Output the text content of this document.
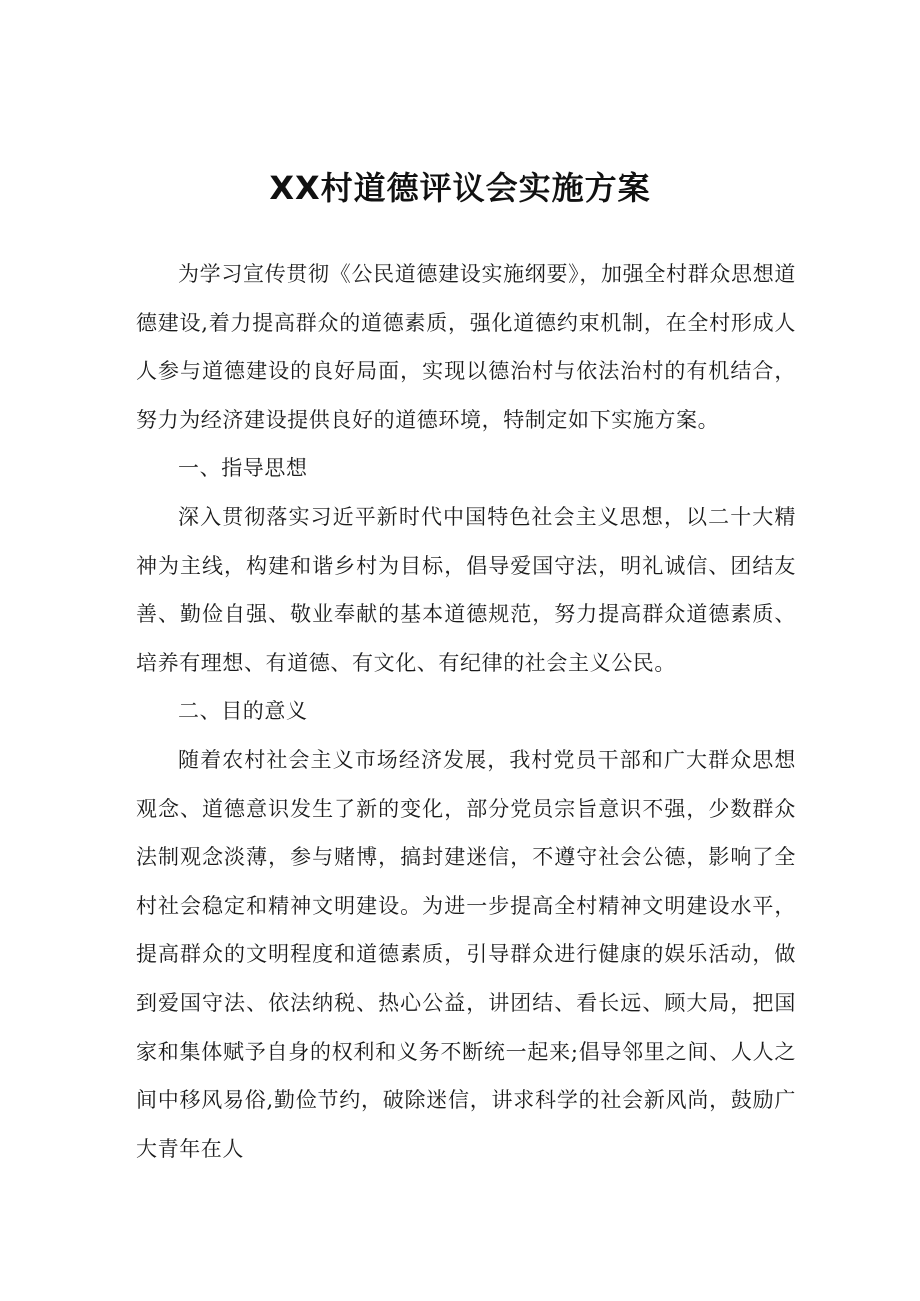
XX村道德评议会实施方案

为学习宣传贯彻《公民道德建设实施纲要》，加强全村群众思想道德建设,着力提高群众的道德素质，强化道德约束机制，在全村形成人人参与道德建设的良好局面，实现以德治村与依法治村的有机结合，努力为经济建设提供良好的道德环境，特制定如下实施方案。

一、指导思想

深入贯彻落实习近平新时代中国特色社会主义思想，以二十大精神为主线，构建和谐乡村为目标，倡导爱国守法，明礼诚信、团结友善、勤俭自强、敬业奉献的基本道德规范，努力提高群众道德素质、培养有理想、有道德、有文化、有纪律的社会主义公民。

二、目的意义

随着农村社会主义市场经济发展，我村党员干部和广大群众思想观念、道德意识发生了新的变化，部分党员宗旨意识不强，少数群众法制观念淡薄，参与赌博，搞封建迷信，不遵守社会公德，影响了全村社会稳定和精神文明建设。为进一步提高全村精神文明建设水平，提高群众的文明程度和道德素质，引导群众进行健康的娱乐活动，做到爱国守法、依法纳税、热心公益，讲团结、看长远、顾大局，把国家和集体赋予自身的权利和义务不断统一起来;倡导邻里之间、人人之间中移风易俗,勤俭节约，破除迷信，讲求科学的社会新风尚，鼓励广大青年在人
